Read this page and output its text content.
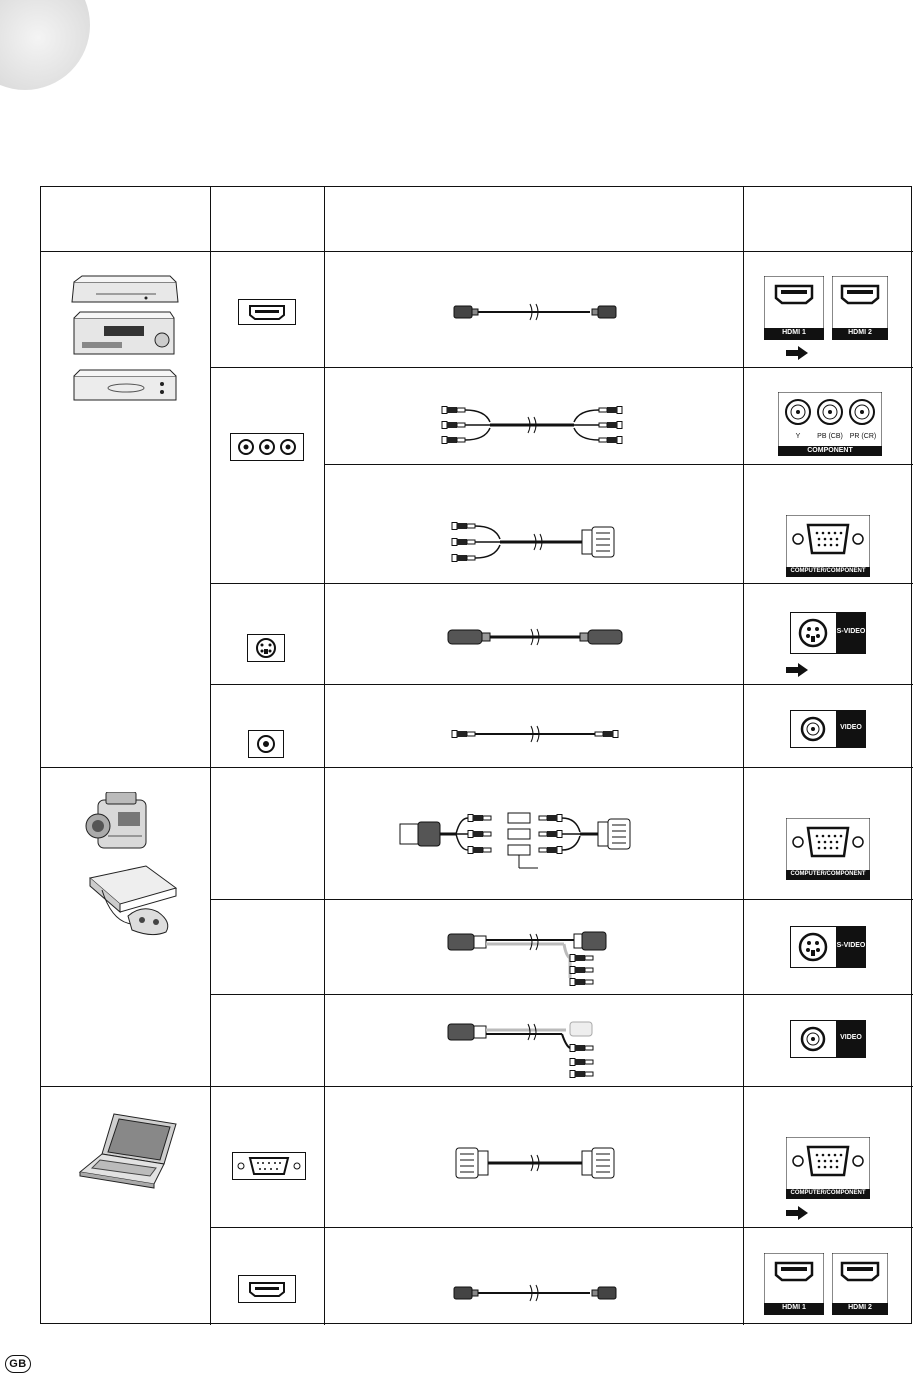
HDMI 1	HDMI 2
Y	PB (CB) PR (CR)
COMPONENT
COMPUTER/COMPONENT
COMPUTER/COMPONENT
COMPUTER/COMPONENT
S-VIDEO
S-VIDEO
VIDEO
VIDEO
HDMI 1	HDMI 2
GB
